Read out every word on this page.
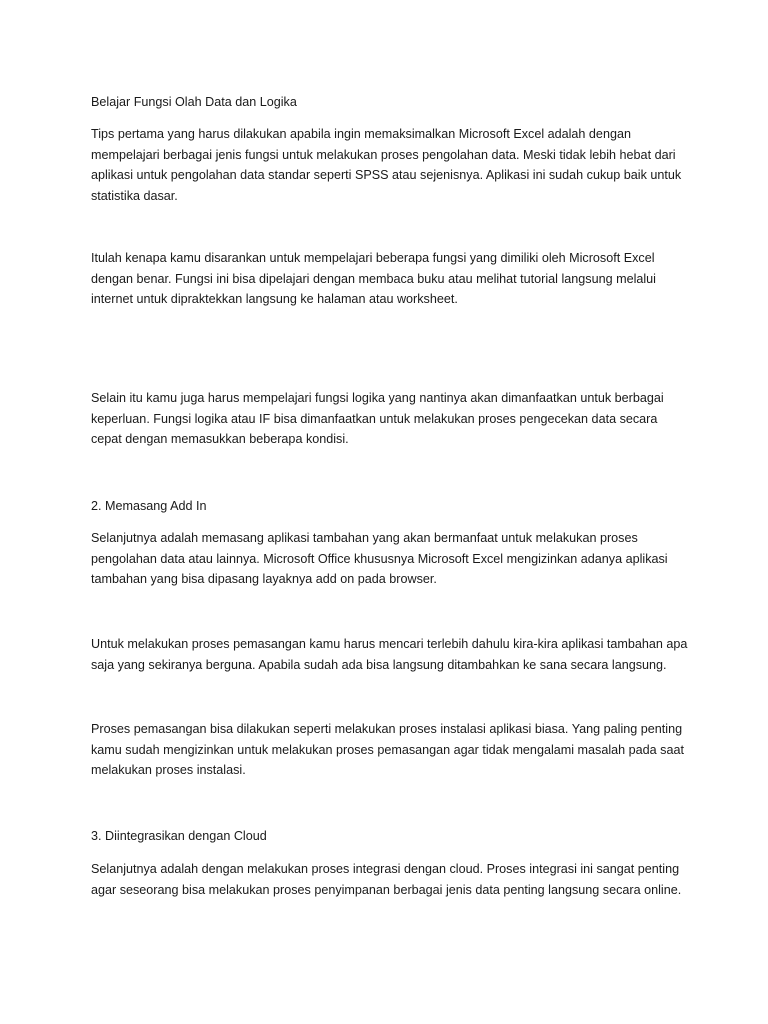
Belajar Fungsi Olah Data dan Logika

Tips pertama yang harus dilakukan apabila ingin memaksimalkan Microsoft Excel adalah dengan mempelajari berbagai jenis fungsi untuk melakukan proses pengolahan data. Meski tidak lebih hebat dari aplikasi untuk pengolahan data standar seperti SPSS atau sejenisnya. Aplikasi ini sudah cukup baik untuk statistika dasar.

Itulah kenapa kamu disarankan untuk mempelajari beberapa fungsi yang dimiliki oleh Microsoft Excel dengan benar. Fungsi ini bisa dipelajari dengan membaca buku atau melihat tutorial langsung melalui internet untuk dipraktekkan langsung ke halaman atau worksheet.

Selain itu kamu juga harus mempelajari fungsi logika yang nantinya akan dimanfaatkan untuk berbagai keperluan. Fungsi logika atau IF bisa dimanfaatkan untuk melakukan proses pengecekan data secara cepat dengan memasukkan beberapa kondisi.

2. Memasang Add In

Selanjutnya adalah memasang aplikasi tambahan yang akan bermanfaat untuk melakukan proses pengolahan data atau lainnya. Microsoft Office khususnya Microsoft Excel mengizinkan adanya aplikasi tambahan yang bisa dipasang layaknya add on pada browser.

Untuk melakukan proses pemasangan kamu harus mencari terlebih dahulu kira-kira aplikasi tambahan apa saja yang sekiranya berguna. Apabila sudah ada bisa langsung ditambahkan ke sana secara langsung.

Proses pemasangan bisa dilakukan seperti melakukan proses instalasi aplikasi biasa. Yang paling penting kamu sudah mengizinkan untuk melakukan proses pemasangan agar tidak mengalami masalah pada saat melakukan proses instalasi.

3. Diintegrasikan dengan Cloud

Selanjutnya adalah dengan melakukan proses integrasi dengan cloud. Proses integrasi ini sangat penting agar seseorang bisa melakukan proses penyimpanan berbagai jenis data penting langsung secara online.
